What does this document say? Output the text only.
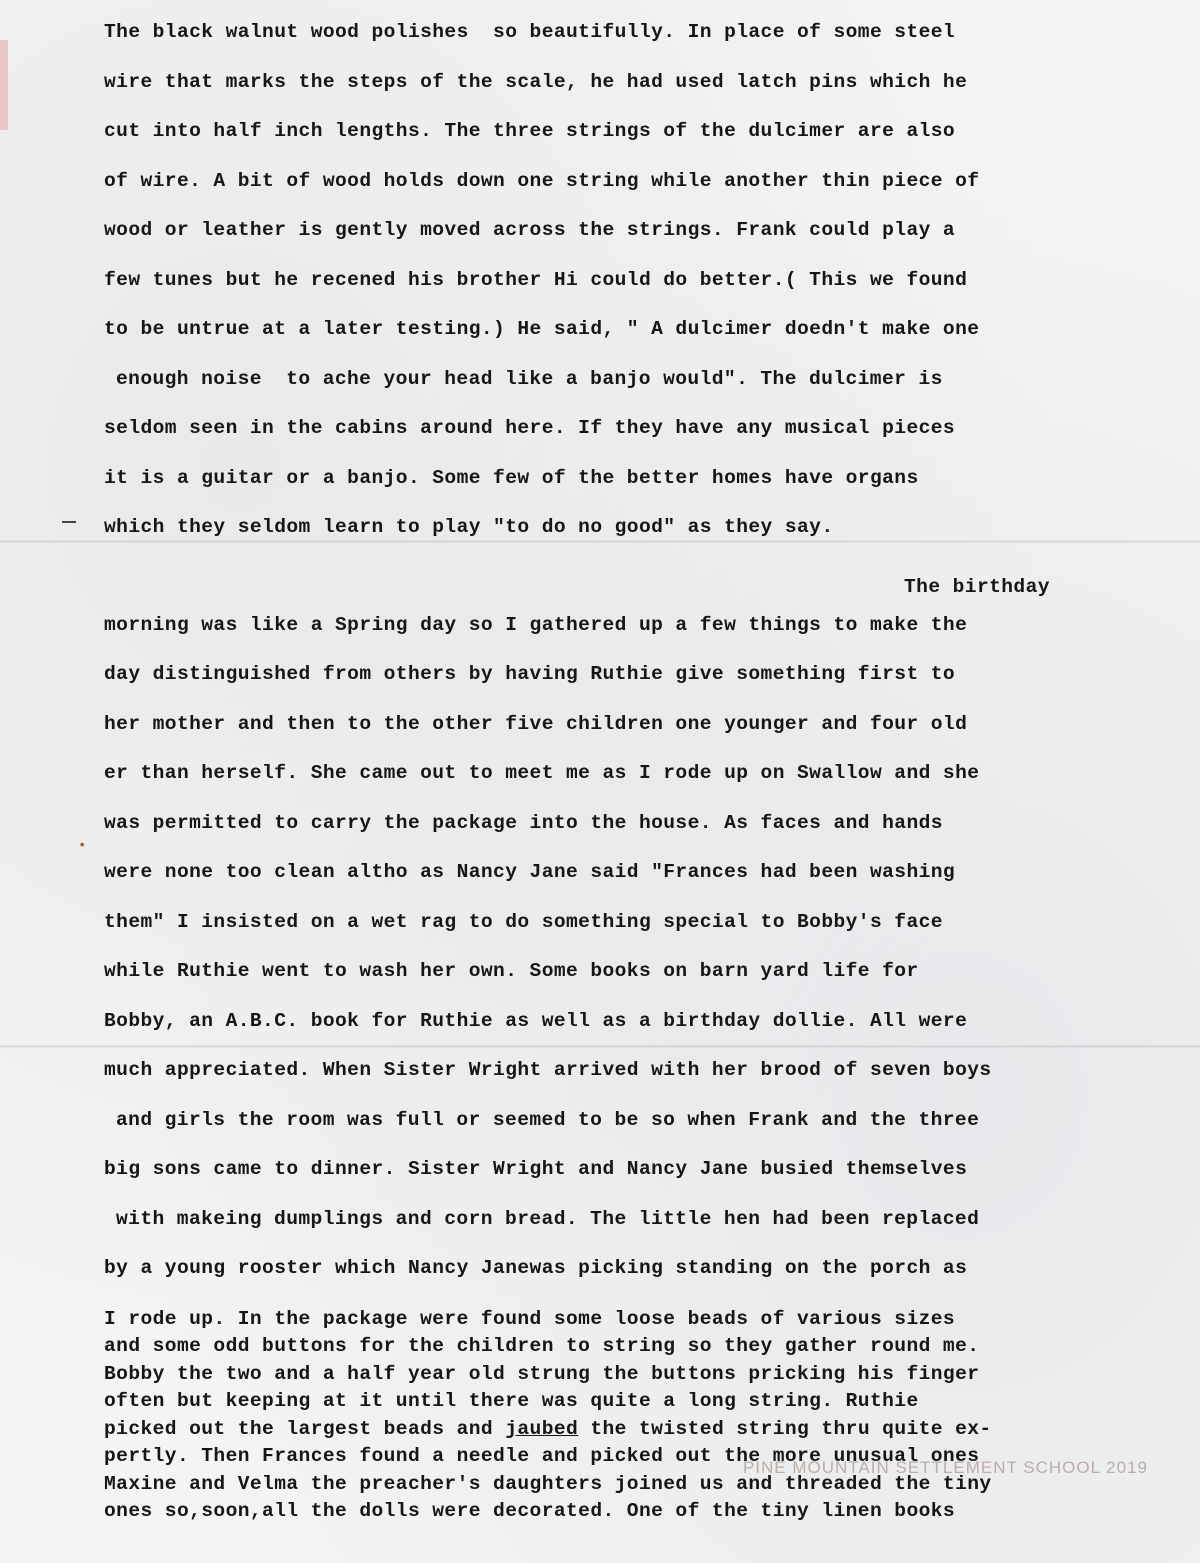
•
The black walnut wood polishes  so beautifully. In place of some steel
wire that marks the steps of the scale, he had used latch pins which he
cut into half inch lengths. The three strings of the dulcimer are also
of wire. A bit of wood holds down one string while another thin piece of
wood or leather is gently moved across the strings. Frank could play a
few tunes but he recened his brother Hi could do better.( This we found
to be untrue at a later testing.) He said, " A dulcimer doedn't make one
enough noise  to ache your head like a banjo would". The dulcimer is
seldom seen in the cabins around here. If they have any musical pieces
it is a guitar or a banjo. Some few of the better homes have organs
which they seldom learn to play "to do no good" as they say.
The birthday
morning was like a Spring day so I gathered up a few things to make the
day distinguished from others by having Ruthie give something first to
her mother and then to the other five children one younger and four old
er than herself. She came out to meet me as I rode up on Swallow and she
was permitted to carry the package into the house. As faces and hands
were none too clean altho as Nancy Jane said "Frances had been washing
them" I insisted on a wet rag to do something special to Bobby's face
while Ruthie went to wash her own. Some books on barn yard life for
Bobby, an A.B.C. book for Ruthie as well as a birthday dollie. All were
much appreciated. When Sister Wright arrived with her brood of seven boys
and girls the room was full or seemed to be so when Frank and the three
big sons came to dinner. Sister Wright and Nancy Jane busied themselves
with makeing dumplings and corn bread. The little hen had been replaced
by a young rooster which Nancy Janewas picking standing on the porch as
I rode up. In the package were found some loose beads of various sizes
and some odd buttons for the children to string so they gather round me.
Bobby the two and a half year old strung the buttons pricking his finger
often but keeping at it until there was quite a long string. Ruthie
picked out the largest beads and jaubed the twisted string thru quite ex-
pertly. Then Frances found a needle and picked out the more unusual ones
Maxine and Velma the preacher's daughters joined us and threaded the tiny
ones so,soon,all the dolls were decorated. One of the tiny linen books
PINE MOUNTAIN SETTLEMENT SCHOOL 2019
